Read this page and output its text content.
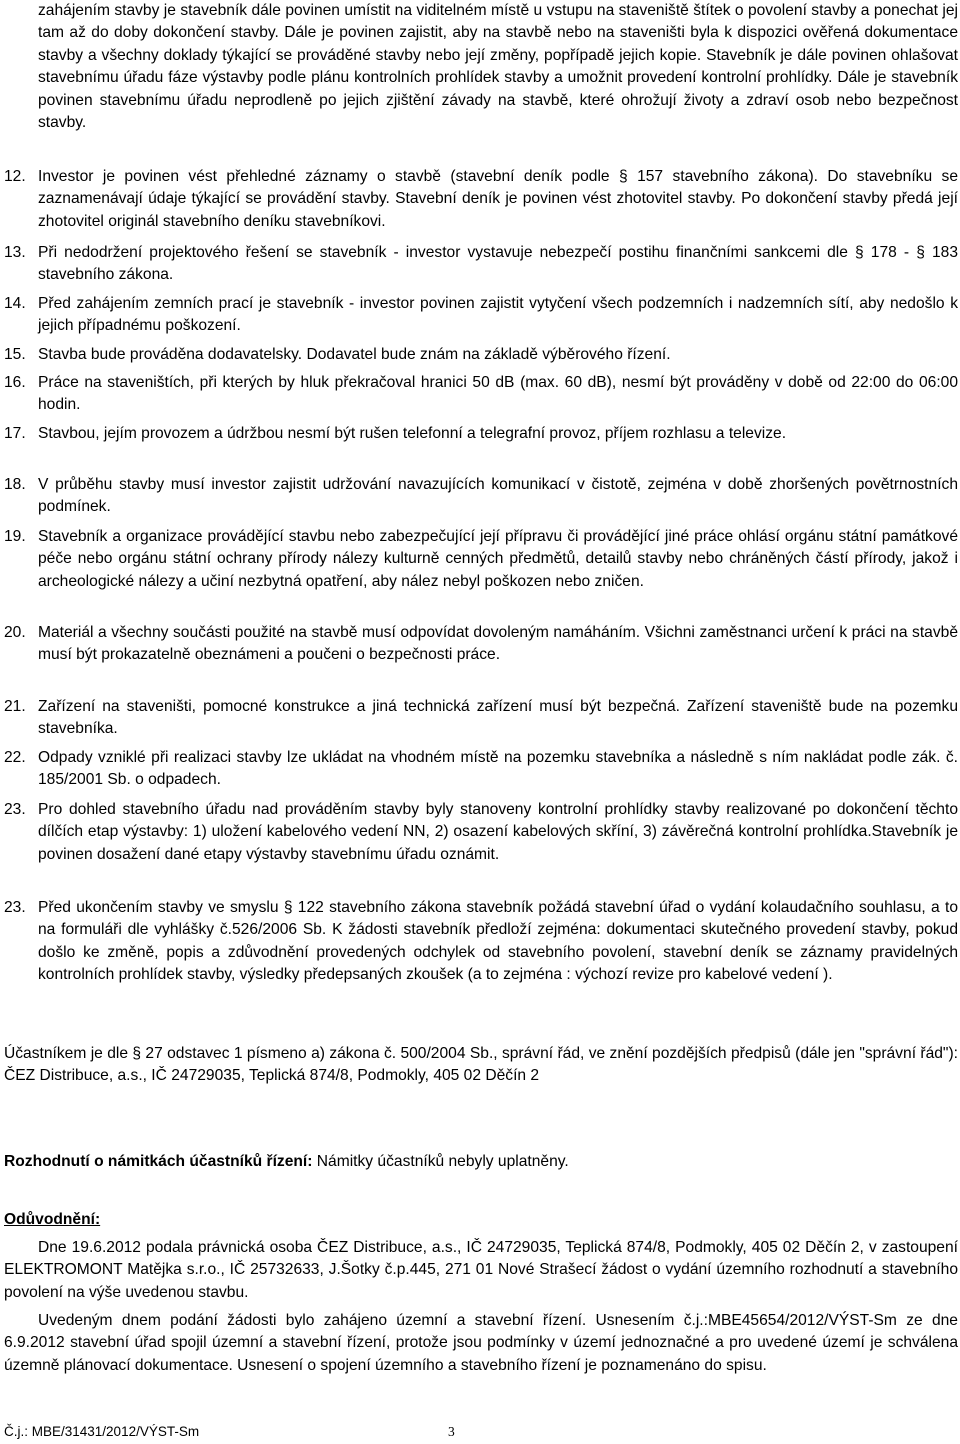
zahájením stavby je stavebník dále povinen umístit na viditelném místě u vstupu na staveniště štítek o povolení stavby a ponechat jej tam až do doby dokončení stavby. Dále je povinen zajistit, aby na stavbě nebo na staveništi byla k dispozici ověřená dokumentace stavby a všechny doklady týkající se prováděné stavby nebo její změny, popřípadě jejich kopie. Stavebník je dále povinen ohlašovat stavebnímu úřadu fáze výstavby podle plánu kontrolních prohlídek stavby a umožnit provedení kontrolní prohlídky. Dále je stavebník povinen stavebnímu úřadu neprodleně po jejich zjištění závady na stavbě, které ohrožují životy a zdraví osob nebo bezpečnost stavby.
12. Investor je povinen vést přehledné záznamy o stavbě (stavební deník podle § 157 stavebního zákona). Do stavebníku se zaznamenávají údaje týkající se provádění stavby. Stavební deník je povinen vést zhotovitel stavby. Po dokončení stavby předá její zhotovitel originál stavebního deníku stavebníkovi.
13. Při nedodržení projektového řešení se stavebník - investor vystavuje nebezpečí postihu finančními sankcemi dle § 178 - § 183 stavebního zákona.
14. Před zahájením zemních prací je stavebník - investor povinen zajistit vytyčení všech podzemních i nadzemních sítí, aby nedošlo k jejich případnému poškození.
15. Stavba bude prováděna dodavatelsky. Dodavatel bude znám na základě výběrového řízení.
16. Práce na staveništích, při kterých by hluk překračoval hranici 50 dB (max. 60 dB), nesmí být prováděny v době od 22:00 do 06:00 hodin.
17. Stavbou, jejím provozem a údržbou nesmí být rušen telefonní a telegrafní provoz, příjem rozhlasu a televize.
18. V průběhu stavby musí investor zajistit udržování navazujících komunikací v čistotě, zejména v době zhoršených povětrnostních podmínek.
19. Stavebník a organizace provádějící stavbu nebo zabezpečující její přípravu či provádějící jiné práce ohlásí orgánu státní památkové péče nebo orgánu státní ochrany přírody nálezy kulturně cenných předmětů, detailů stavby nebo chráněných částí přírody, jakož i archeologické nálezy a učiní nezbytná opatření, aby nález nebyl poškozen nebo zničen.
20. Materiál a všechny součásti použité na stavbě musí odpovídat dovoleným namáháním. Všichni zaměstnanci určení k práci na stavbě musí být prokazatelně obeznámeni a poučeni o bezpečnosti práce.
21. Zařízení na staveništi, pomocné konstrukce a jiná technická zařízení musí být bezpečná. Zařízení staveniště bude na pozemku stavebníka.
22. Odpady vzniklé při realizaci stavby lze ukládat na vhodném místě na pozemku stavebníka a následně s ním nakládat podle zák. č. 185/2001 Sb. o odpadech.
23. Pro dohled stavebního úřadu nad prováděním stavby byly stanoveny kontrolní prohlídky stavby realizované po dokončení těchto dílčích etap výstavby: 1) uložení kabelového vedení NN, 2) osazení kabelových skříní, 3) závěrečná kontrolní prohlídka.Stavebník je povinen dosažení dané etapy výstavby stavebnímu úřadu oznámit.
23. Před ukončením stavby ve smyslu § 122 stavebního zákona stavebník požádá stavební úřad o vydání kolaudačního souhlasu, a to na formuláři dle vyhlášky č.526/2006 Sb. K žádosti stavebník předloží zejména: dokumentaci skutečného provedení stavby, pokud došlo ke změně, popis a zdůvodnění provedených odchylek od stavebního povolení, stavební deník se záznamy pravidelných kontrolních prohlídek stavby, výsledky předepsaných zkoušek (a to zejména : výchozí revize pro kabelové vedení ).
Účastníkem je dle § 27 odstavec 1 písmeno a) zákona č. 500/2004 Sb., správní řád, ve znění pozdějších předpisů (dále jen "správní řád"): ČEZ Distribuce, a.s., IČ 24729035, Teplická 874/8, Podmokly, 405 02 Děčín 2
Rozhodnutí o námitkách účastníků řízení: Námitky účastníků nebyly uplatněny.
Odůvodnění:
Dne 19.6.2012 podala právnická osoba ČEZ Distribuce, a.s., IČ 24729035, Teplická 874/8, Podmokly, 405 02 Děčín 2, v zastoupení ELEKTROMONT Matějka s.r.o., IČ 25732633, J.Šotky č.p.445, 271 01 Nové Strašecí žádost o vydání územního rozhodnutí a stavebního povolení na výše uvedenou stavbu.
Uvedeným dnem podání žádosti bylo zahájeno územní a stavební řízení. Usnesením č.j.:MBE45654/2012/VÝST-Sm ze dne 6.9.2012 stavební úřad spojil územní a stavební řízení, protože jsou podmínky v území jednoznačné a pro uvedené území je schválena územně plánovací dokumentace. Usnesení o spojení územního a stavebního řízení je poznamenáno do spisu.
Č.j.: MBE/31431/2012/VÝST-Sm	3
